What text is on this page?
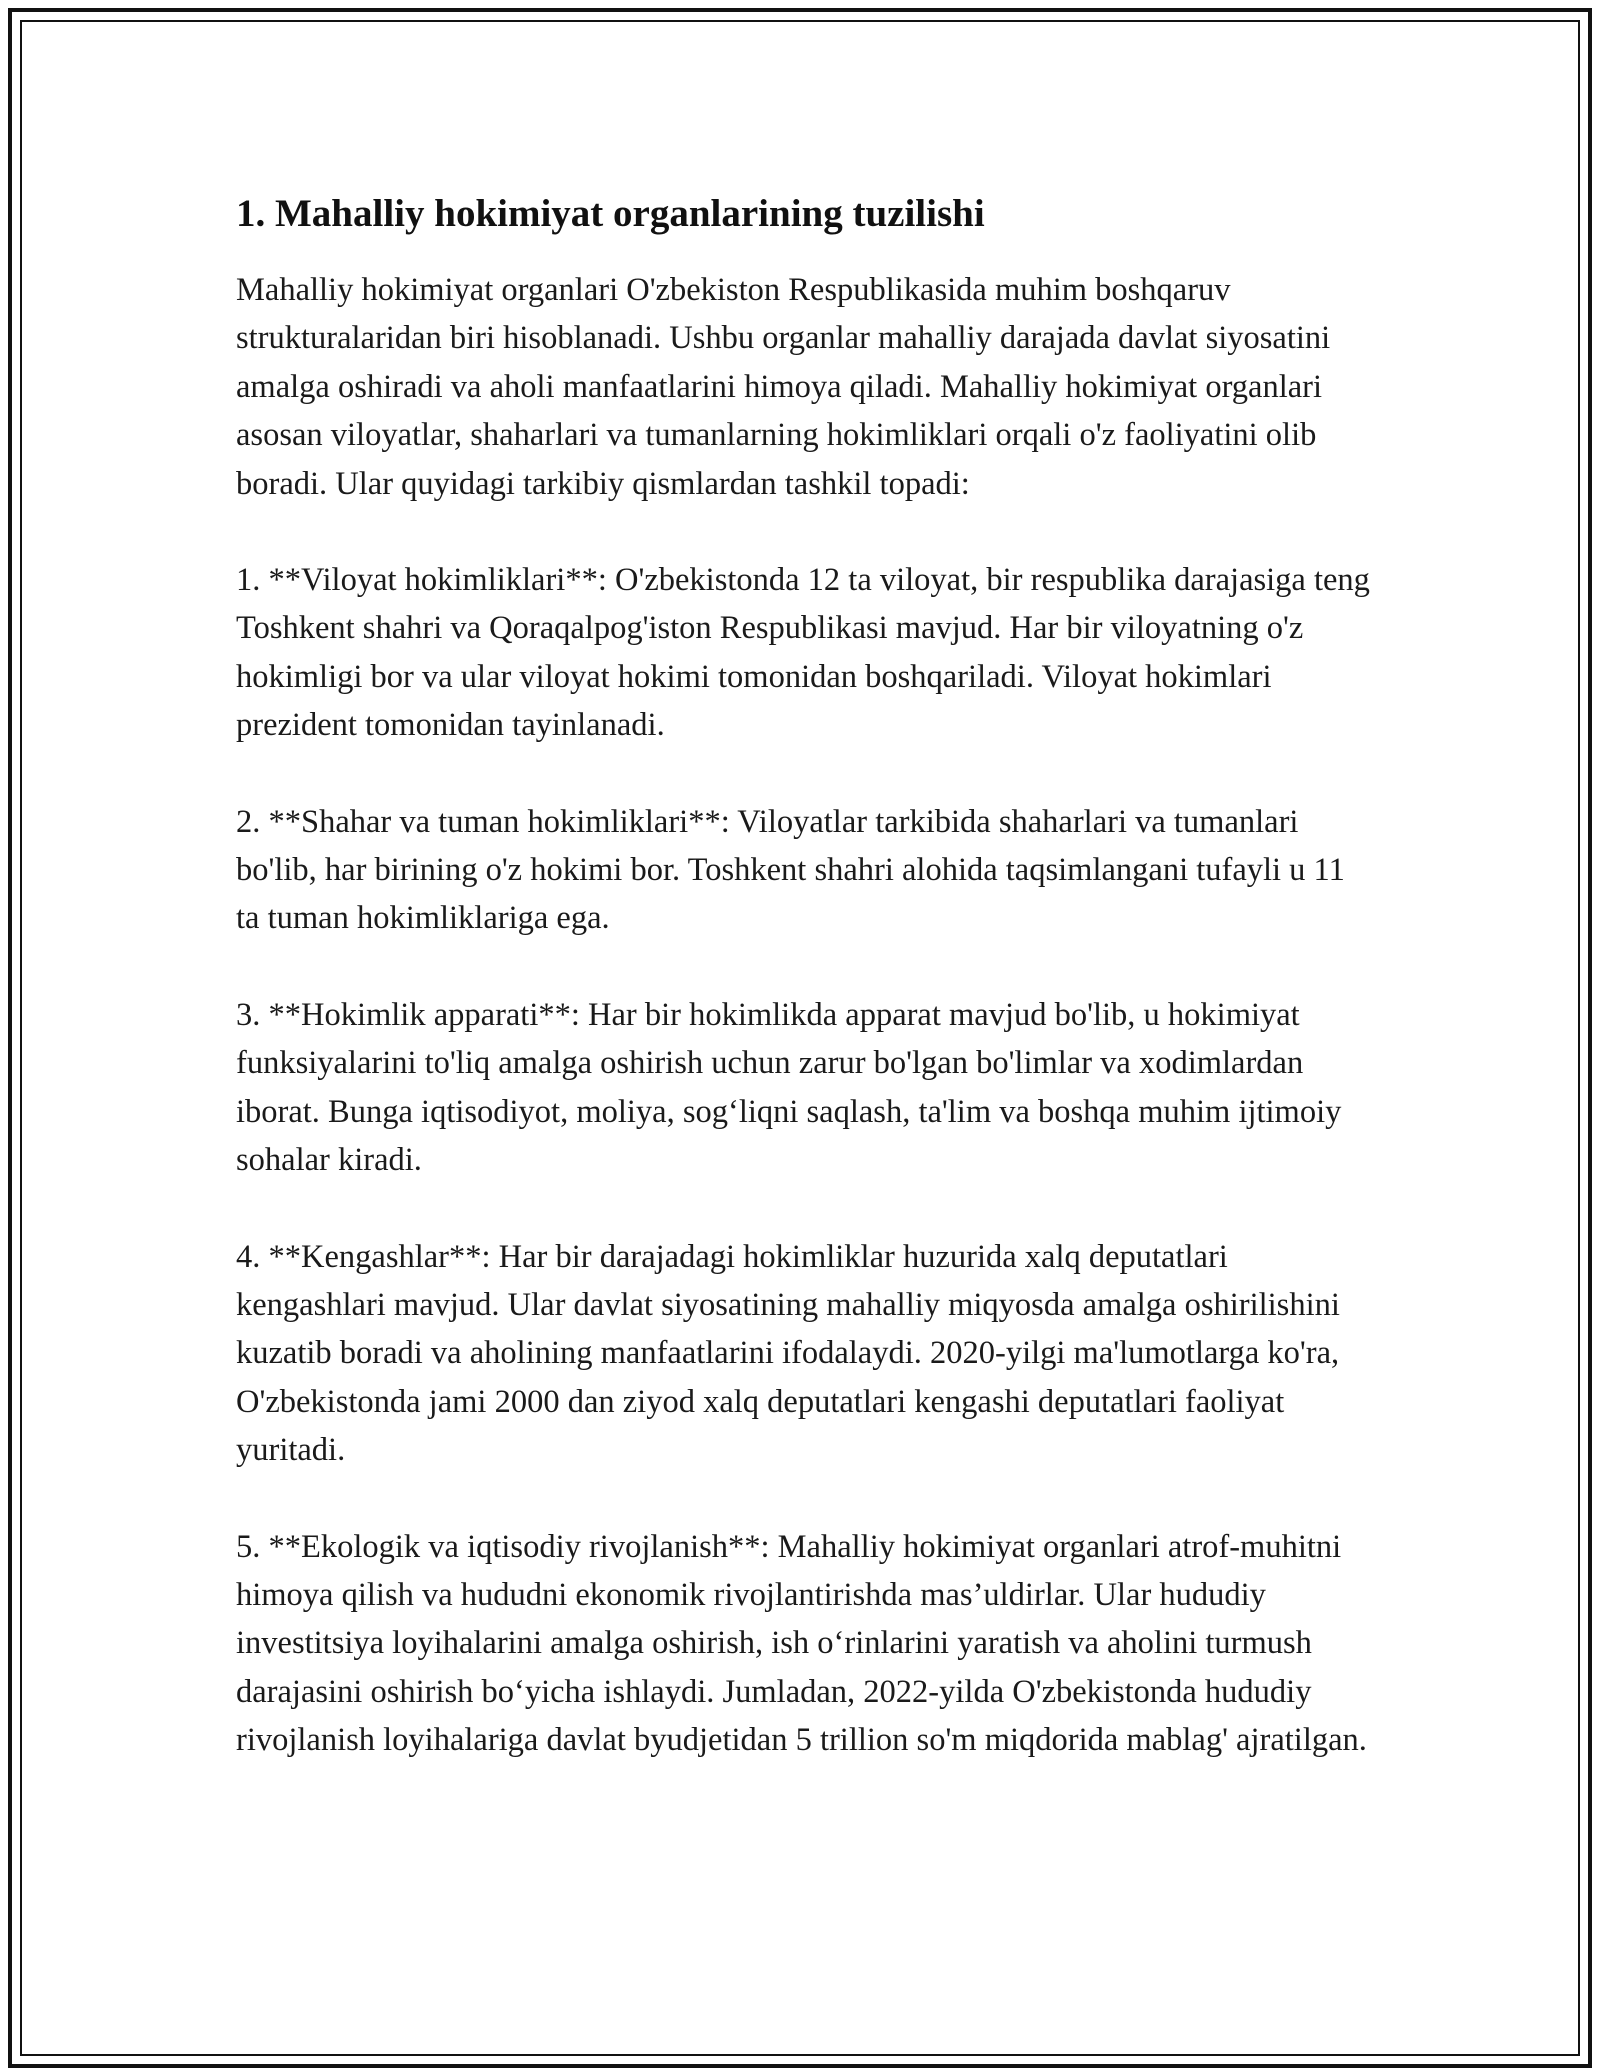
1. Mahalliy hokimiyat organlarining tuzilishi

Mahalliy hokimiyat organlari O'zbekiston Respublikasida muhim boshqaruv strukturalaridan biri hisoblanadi. Ushbu organlar mahalliy darajada davlat siyosatini amalga oshiradi va aholi manfaatlarini himoya qiladi. Mahalliy hokimiyat organlari asosan viloyatlar, shaharlari va tumanlarning hokimliklari orqali o'z faoliyatini olib boradi. Ular quyidagi tarkibiy qismlardan tashkil topadi:

1. **Viloyat hokimliklari**: O'zbekistonda 12 ta viloyat, bir respublika darajasiga teng Toshkent shahri va Qoraqalpog'iston Respublikasi mavjud. Har bir viloyatning o'z hokimligi bor va ular viloyat hokimi tomonidan boshqariladi. Viloyat hokimlari prezident tomonidan tayinlanadi.

2. **Shahar va tuman hokimliklari**: Viloyatlar tarkibida shaharlari va tumanlari bo'lib, har birining o'z hokimi bor. Toshkent shahri alohida taqsimlangani tufayli u 11 ta tuman hokimliklariga ega.

3. **Hokimlik apparati**: Har bir hokimlikda apparat mavjud bo'lib, u hokimiyat funksiyalarini to'liq amalga oshirish uchun zarur bo'lgan bo'limlar va xodimlardan iborat. Bunga iqtisodiyot, moliya, sog‘liqni saqlash, ta'lim va boshqa muhim ijtimoiy sohalar kiradi.

4. **Kengashlar**: Har bir darajadagi hokimliklar huzurida xalq deputatlari kengashlari mavjud. Ular davlat siyosatining mahalliy miqyosda amalga oshirilishini kuzatib boradi va aholining manfaatlarini ifodalaydi. 2020-yilgi ma'lumotlarga ko'ra, O'zbekistonda jami 2000 dan ziyod xalq deputatlari kengashi deputatlari faoliyat yuritadi.

5. **Ekologik va iqtisodiy rivojlanish**: Mahalliy hokimiyat organlari atrof-muhitni himoya qilish va hududni ekonomik rivojlantirishda mas’uldirlar. Ular hududiy investitsiya loyihalarini amalga oshirish, ish o‘rinlarini yaratish va aholini turmush darajasini oshirish bo‘yicha ishlaydi. Jumladan, 2022-yilda O'zbekistonda hududiy rivojlanish loyihalariga davlat byudjetidan 5 trillion so'm miqdorida mablag' ajratilgan.
